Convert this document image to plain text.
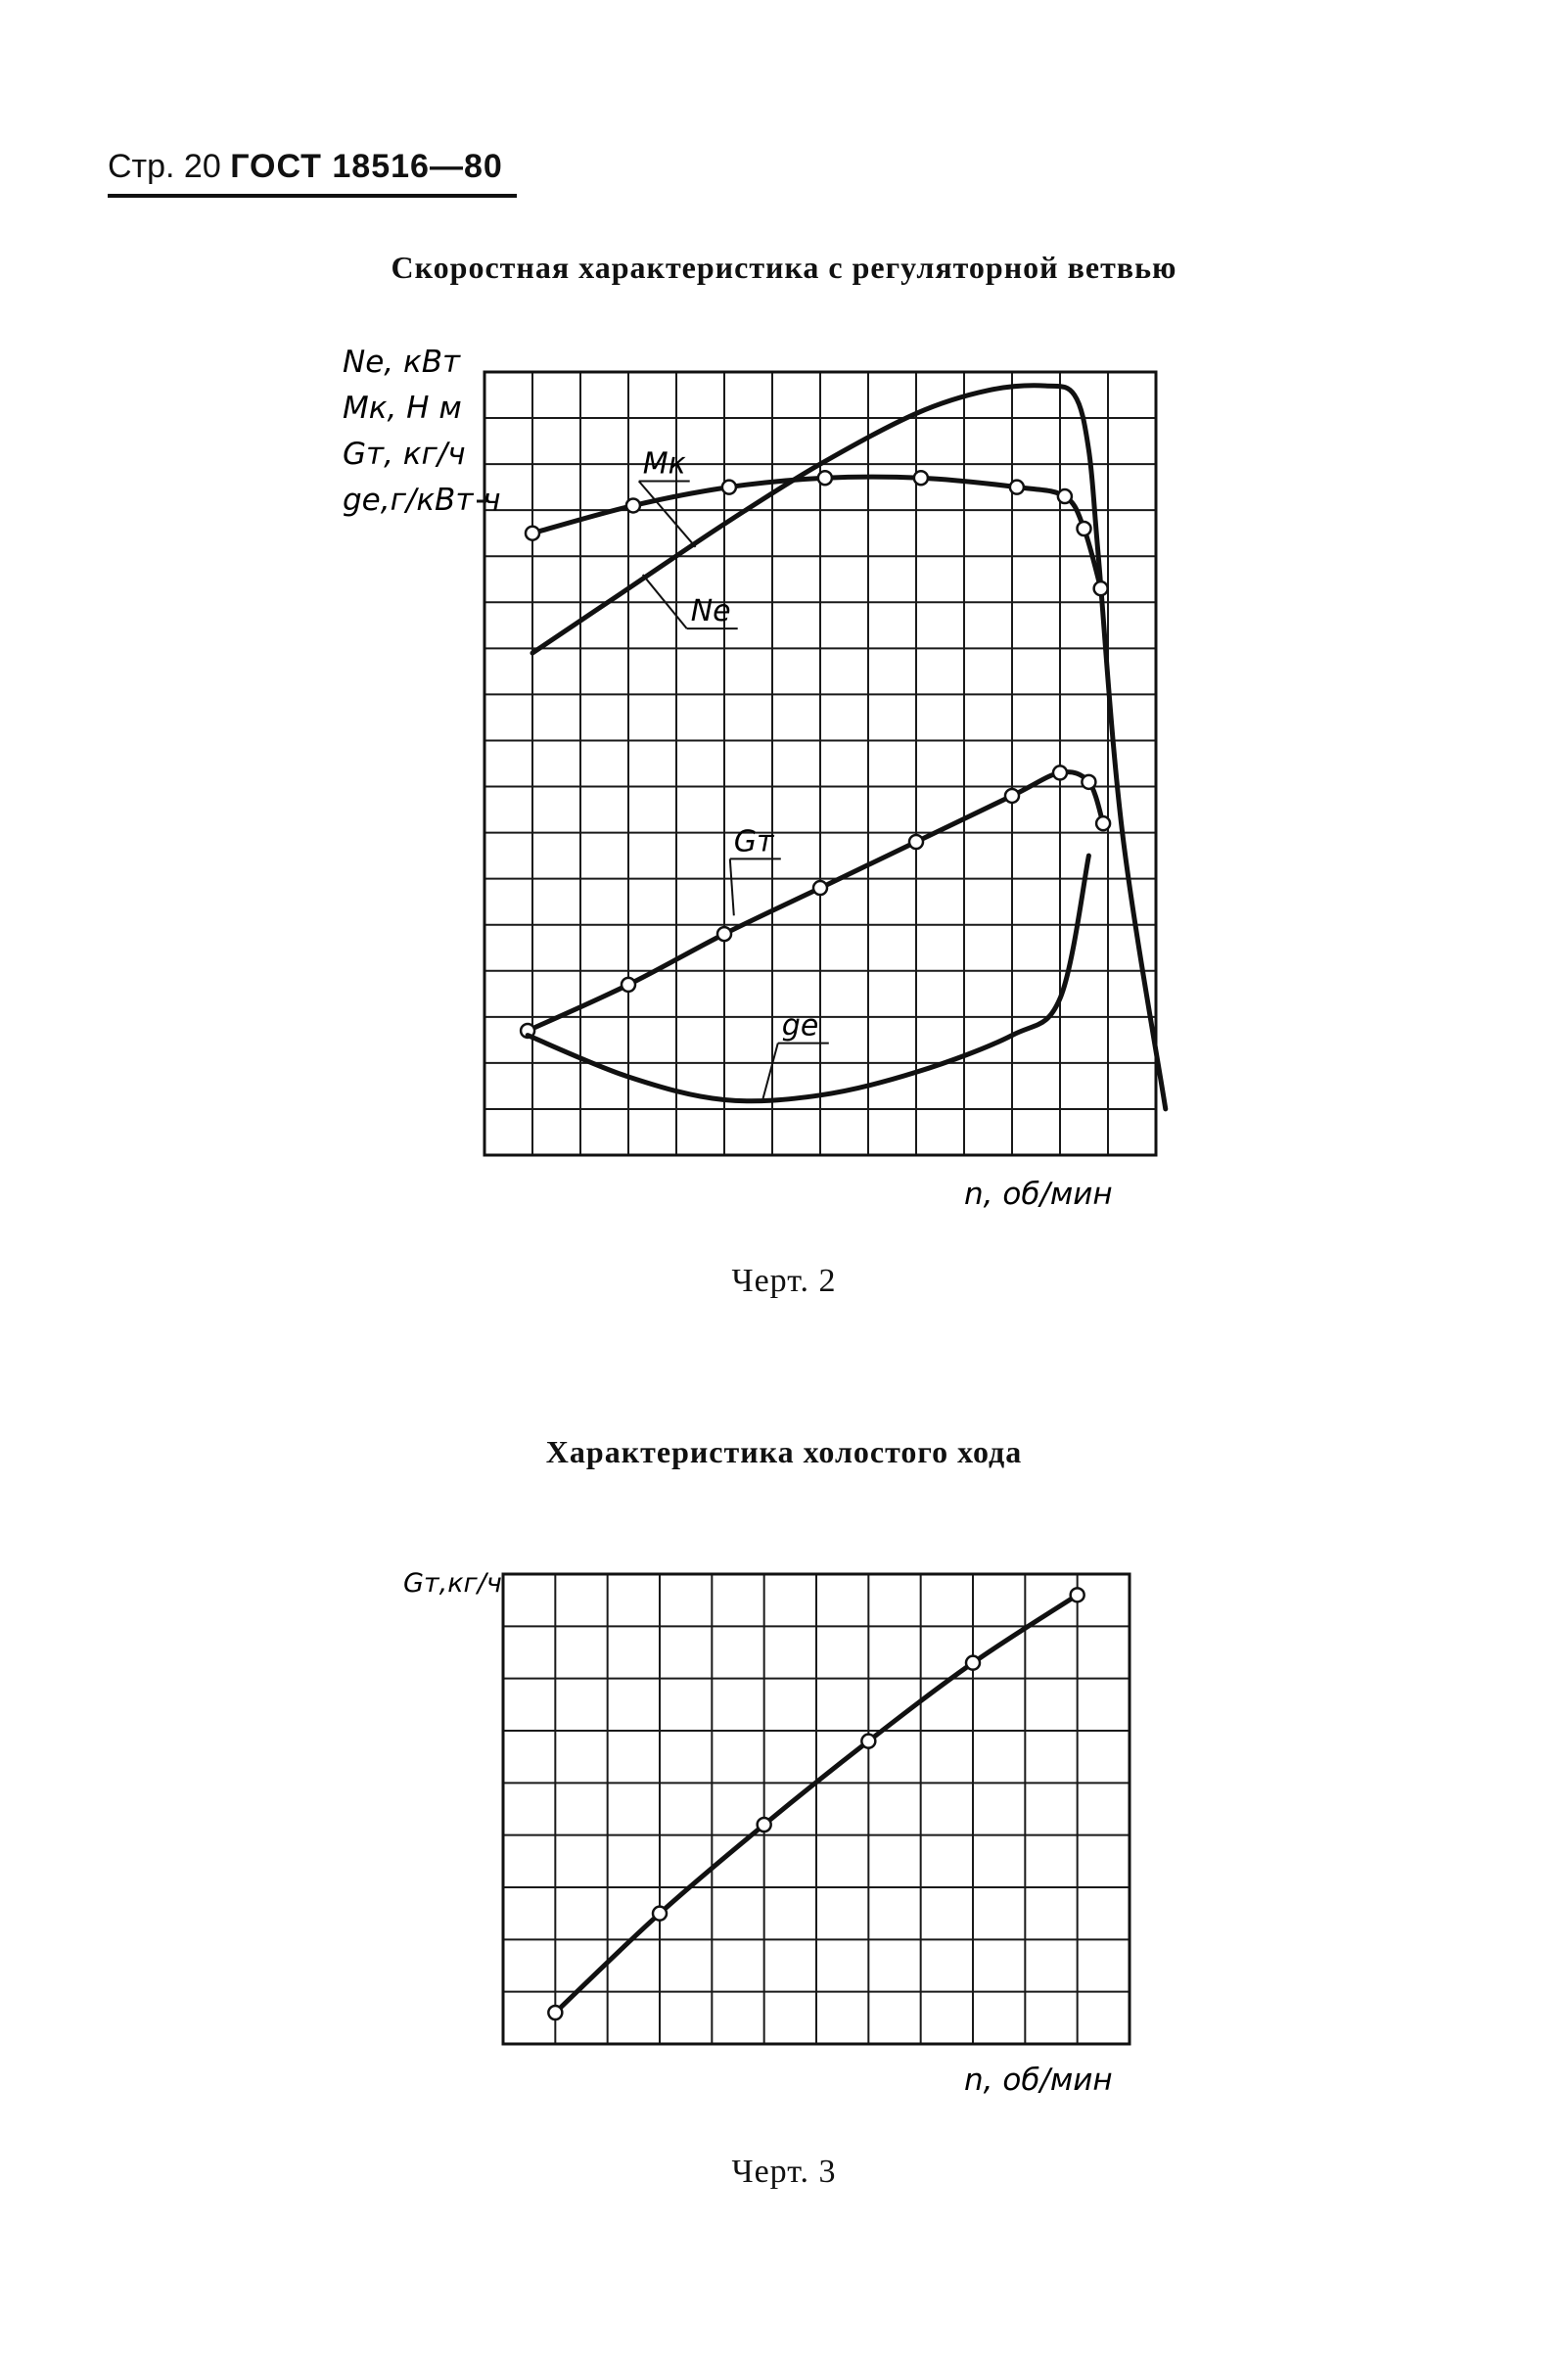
Стр. 20 ГОСТ 18516—80
Скоростная характеристика с регуляторной ветвью
Mк
Nе
Gт
gе
Nе, кВт
Mк, Н м
Gт, кг/ч
gе,г/кВт ч
n, об/мин
Черт. 2
Характеристика холостого хода
Gт,кг/ч
n, об/мин
Черт. 3
